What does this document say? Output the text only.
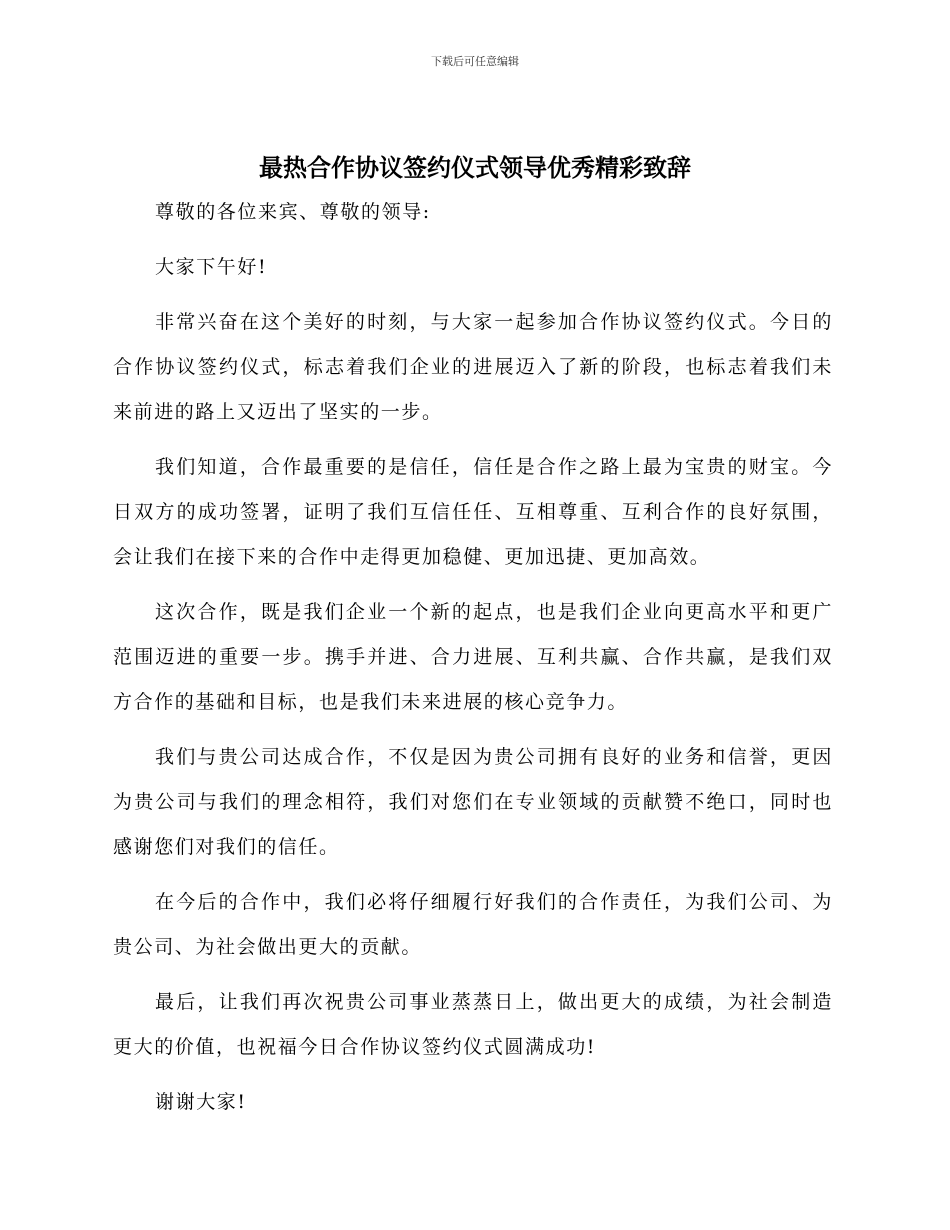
下载后可任意编辑
最热合作协议签约仪式领导优秀精彩致辞

尊敬的各位来宾、尊敬的领导:

大家下午好!

非常兴奋在这个美好的时刻，与大家一起参加合作协议签约仪式。今日的合作协议签约仪式，标志着我们企业的进展迈入了新的阶段，也标志着我们未来前进的路上又迈出了坚实的一步。

我们知道，合作最重要的是信任，信任是合作之路上最为宝贵的财宝。今日双方的成功签署，证明了我们互信任任、互相尊重、互利合作的良好氛围，会让我们在接下来的合作中走得更加稳健、更加迅捷、更加高效。

这次合作，既是我们企业一个新的起点，也是我们企业向更高水平和更广范围迈进的重要一步。携手并进、合力进展、互利共赢、合作共赢，是我们双方合作的基础和目标，也是我们未来进展的核心竞争力。

我们与贵公司达成合作，不仅是因为贵公司拥有良好的业务和信誉，更因为贵公司与我们的理念相符，我们对您们在专业领域的贡献赞不绝口，同时也感谢您们对我们的信任。

在今后的合作中，我们必将仔细履行好我们的合作责任，为我们公司、为贵公司、为社会做出更大的贡献。

最后，让我们再次祝贵公司事业蒸蒸日上，做出更大的成绩，为社会制造更大的价值，也祝福今日合作协议签约仪式圆满成功!

谢谢大家!
